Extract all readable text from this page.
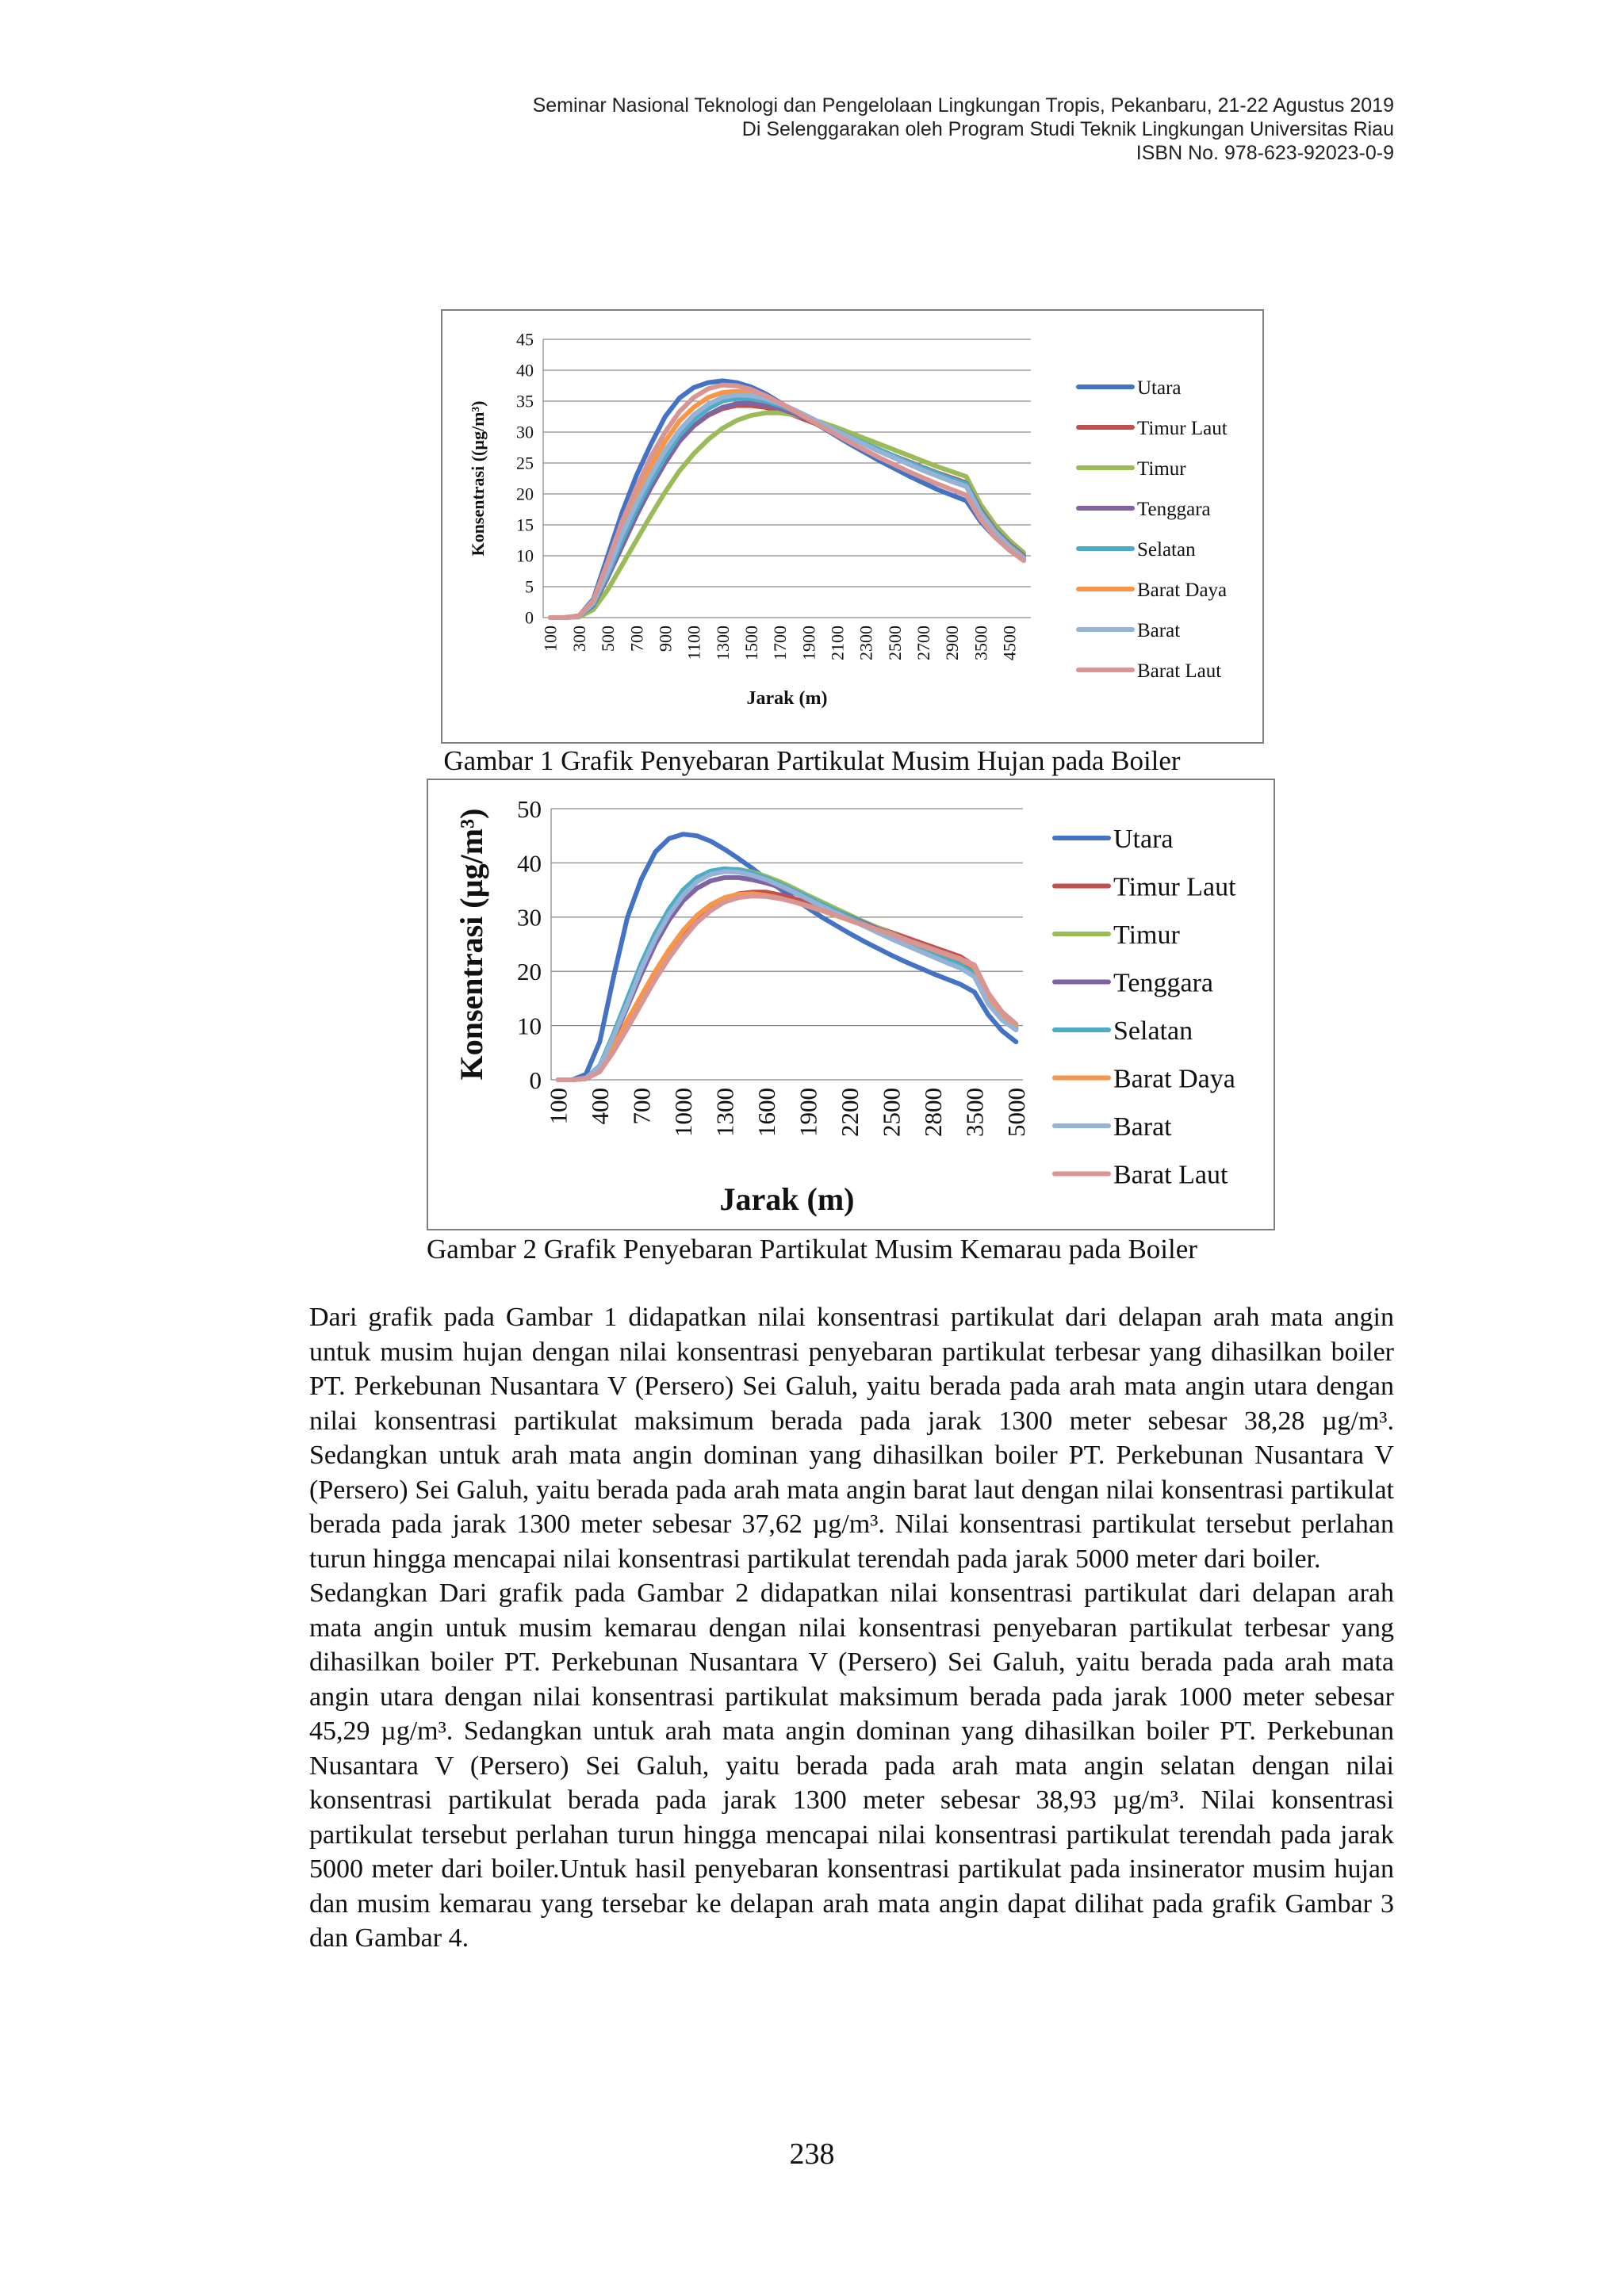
Seminar Nasional Teknologi dan Pengelolaan Lingkungan Tropis, Pekanbaru, 21-22 Agustus 2019
Di Selenggarakan oleh Program Studi Teknik Lingkungan Universitas Riau
ISBN No. 978-623-92023-0-9
0
5
10
15
20
25
30
35
40
45
100 300 500 700 900 1100 1300 1500 1700 1900 2100 2300 2500 2700 2900 3500 4500
Utara
Timur Laut
Timur
Tenggara
Selatan
Barat Daya
Barat
Barat Laut
Jarak (m)
Konsentrasi ((µg/m³)
Gambar 1 Grafik Penyebaran Partikulat Musim Hujan pada Boiler
0
10
20
30
40
50
100 400 700 1000 1300 1600 1900 2200 2500 2800 3500 5000
Utara
Timur Laut
Timur
Tenggara
Selatan
Barat Daya
Barat
Barat Laut
Jarak (m)
Konsentrasi (µg/m³)
Gambar 2 Grafik Penyebaran Partikulat Musim Kemarau pada Boiler

Dari grafik pada Gambar 1 didapatkan nilai konsentrasi partikulat dari delapan arah mata angin untuk musim hujan dengan nilai konsentrasi penyebaran partikulat terbesar yang dihasilkan boiler PT. Perkebunan Nusantara V (Persero) Sei Galuh, yaitu berada pada arah mata angin utara dengan nilai konsentrasi partikulat maksimum berada pada jarak 1300 meter sebesar 38,28 µg/m³. Sedangkan untuk arah mata angin dominan yang dihasilkan boiler PT. Perkebunan Nusantara V (Persero) Sei Galuh, yaitu berada pada arah mata angin barat laut dengan nilai konsentrasi partikulat berada pada jarak 1300 meter sebesar 37,62 µg/m³. Nilai konsentrasi partikulat tersebut perlahan turun hingga mencapai nilai konsentrasi partikulat terendah pada jarak 5000 meter dari boiler.

Sedangkan Dari grafik pada Gambar 2 didapatkan nilai konsentrasi partikulat dari delapan arah mata angin untuk musim kemarau dengan nilai konsentrasi penyebaran partikulat terbesar yang dihasilkan boiler PT. Perkebunan Nusantara V (Persero) Sei Galuh, yaitu berada pada arah mata angin utara dengan nilai konsentrasi partikulat maksimum berada pada jarak 1000 meter sebesar 45,29 µg/m³. Sedangkan untuk arah mata angin dominan yang dihasilkan boiler PT. Perkebunan Nusantara V (Persero) Sei Galuh, yaitu berada pada arah mata angin selatan dengan nilai konsentrasi partikulat berada pada jarak 1300 meter sebesar 38,93 µg/m³. Nilai konsentrasi partikulat tersebut perlahan turun hingga mencapai nilai konsentrasi partikulat terendah pada jarak 5000 meter dari boiler.Untuk hasil penyebaran konsentrasi partikulat pada insinerator musim hujan dan musim kemarau yang tersebar ke delapan arah mata angin dapat dilihat pada grafik Gambar 3 dan Gambar 4.

238
